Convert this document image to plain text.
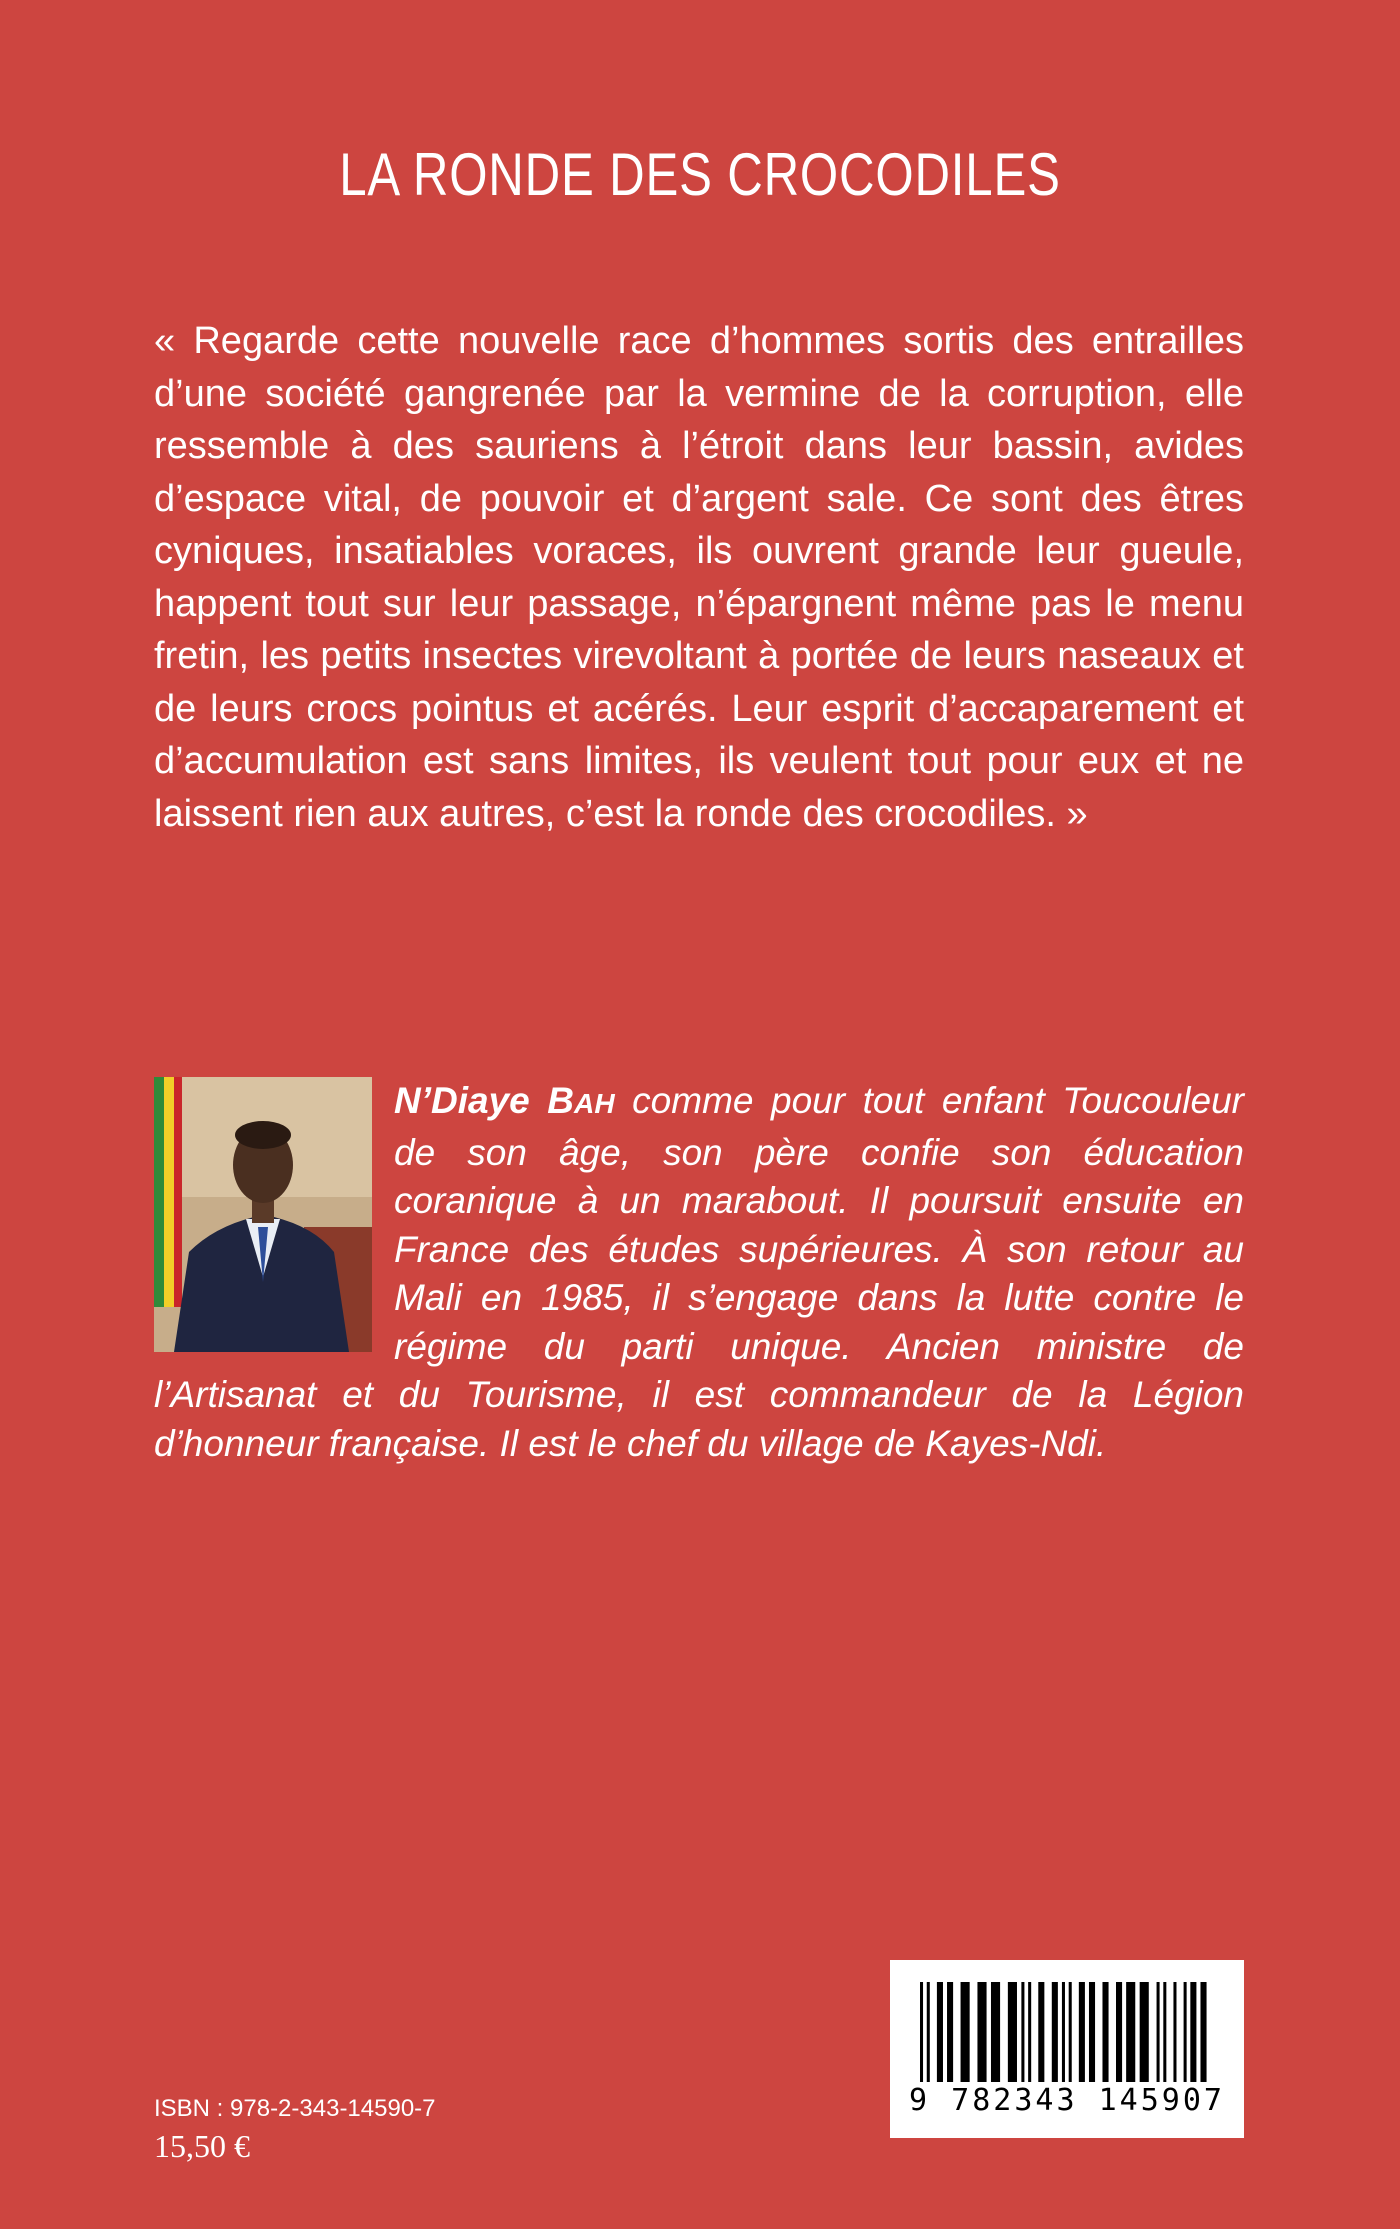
LA RONDE DES CROCODILES

« Regarde cette nouvelle race d’hommes sortis des entrailles d’une société gangrenée par la vermine de la corruption, elle ressemble à des sauriens à l’étroit dans leur bassin, avides d’espace vital, de pouvoir et d’argent sale. Ce sont des êtres cyniques, insatiables voraces, ils ouvrent grande leur gueule, happent tout sur leur passage, n’épargnent même pas le menu fretin, les petits insectes virevoltant à portée de leurs naseaux et de leurs crocs pointus et acérés. Leur esprit d’accaparement et d’accumulation est sans limites, ils veulent tout pour eux et ne laissent rien aux autres, c’est la ronde des crocodiles. »

N’Diaye BAH comme pour tout enfant Toucouleur de son âge, son père confie son éducation coranique à un marabout. Il poursuit ensuite en France des études supérieures. À son retour au Mali en 1985, il s’engage dans la lutte contre le régime du parti unique. Ancien ministre de l’Artisanat et du Tourisme, il est commandeur de la Légion d’honneur française. Il est le chef du village de Kayes-Ndi.

ISBN : 978-2-343-14590-7

15,50 €

9 782343 145907
